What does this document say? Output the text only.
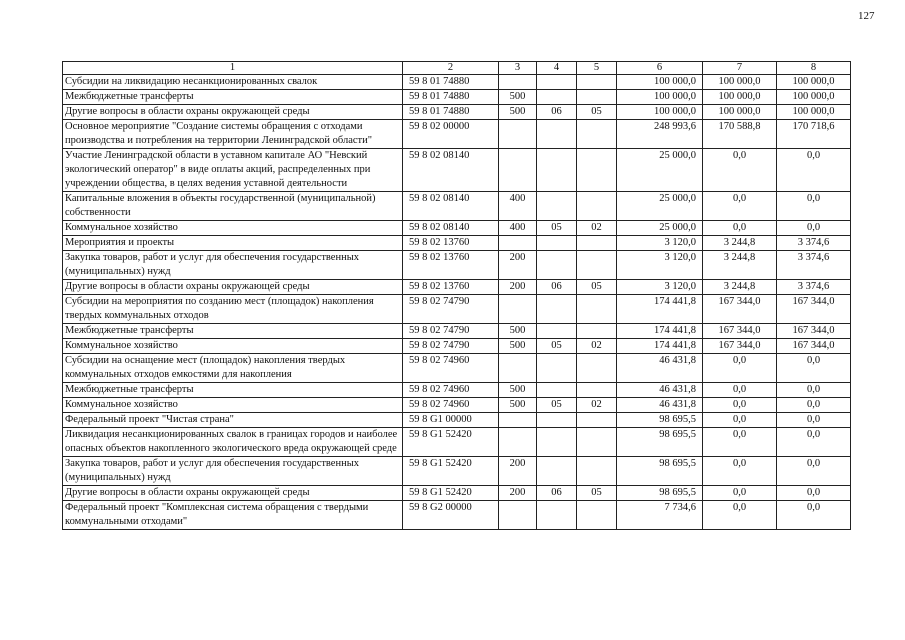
127
1	2	3	4	5	6	7	8
Субсидии на ликвидацию несанкционированных свалок	59 8 01 74880				100 000,0	100 000,0	100 000,0
Межбюджетные трансферты	59 8 01 74880	500			100 000,0	100 000,0	100 000,0
Другие вопросы в области охраны окружающей среды	59 8 01 74880	500	06	05	100 000,0	100 000,0	100 000,0
Основное мероприятие "Создание системы обращения с отходами производства и потребления на территории Ленинградской области"	59 8 02 00000				248 993,6	170 588,8	170 718,6
Участие Ленинградской области в уставном капитале АО "Невский экологический оператор" в виде оплаты акций, распределенных при учреждении общества, в целях ведения уставной деятельности	59 8 02 08140				25 000,0	0,0	0,0
Капитальные вложения в объекты государственной (муниципальной) собственности	59 8 02 08140	400			25 000,0	0,0	0,0
Коммунальное хозяйство	59 8 02 08140	400	05	02	25 000,0	0,0	0,0
Мероприятия и проекты	59 8 02 13760				3 120,0	3 244,8	3 374,6
Закупка товаров, работ и услуг для обеспечения государственных (муниципальных) нужд	59 8 02 13760	200			3 120,0	3 244,8	3 374,6
Другие вопросы в области охраны окружающей среды	59 8 02 13760	200	06	05	3 120,0	3 244,8	3 374,6
Субсидии на мероприятия по созданию мест (площадок) накопления твердых коммунальных отходов	59 8 02 74790				174 441,8	167 344,0	167 344,0
Межбюджетные трансферты	59 8 02 74790	500			174 441,8	167 344,0	167 344,0
Коммунальное хозяйство	59 8 02 74790	500	05	02	174 441,8	167 344,0	167 344,0
Субсидии на оснащение мест (площадок) накопления твердых коммунальных отходов емкостями для накопления	59 8 02 74960				46 431,8	0,0	0,0
Межбюджетные трансферты	59 8 02 74960	500			46 431,8	0,0	0,0
Коммунальное хозяйство	59 8 02 74960	500	05	02	46 431,8	0,0	0,0
Федеральный проект "Чистая страна"	59 8 G1 00000				98 695,5	0,0	0,0
Ликвидация несанкционированных свалок в границах городов и наиболее опасных объектов накопленного экологического вреда окружающей среде	59 8 G1 52420				98 695,5	0,0	0,0
Закупка товаров, работ и услуг для обеспечения государственных (муниципальных) нужд	59 8 G1 52420	200			98 695,5	0,0	0,0
Другие вопросы в области охраны окружающей среды	59 8 G1 52420	200	06	05	98 695,5	0,0	0,0
Федеральный проект "Комплексная система обращения с твердыми коммунальными отходами"	59 8 G2 00000				7 734,6	0,0	0,0
